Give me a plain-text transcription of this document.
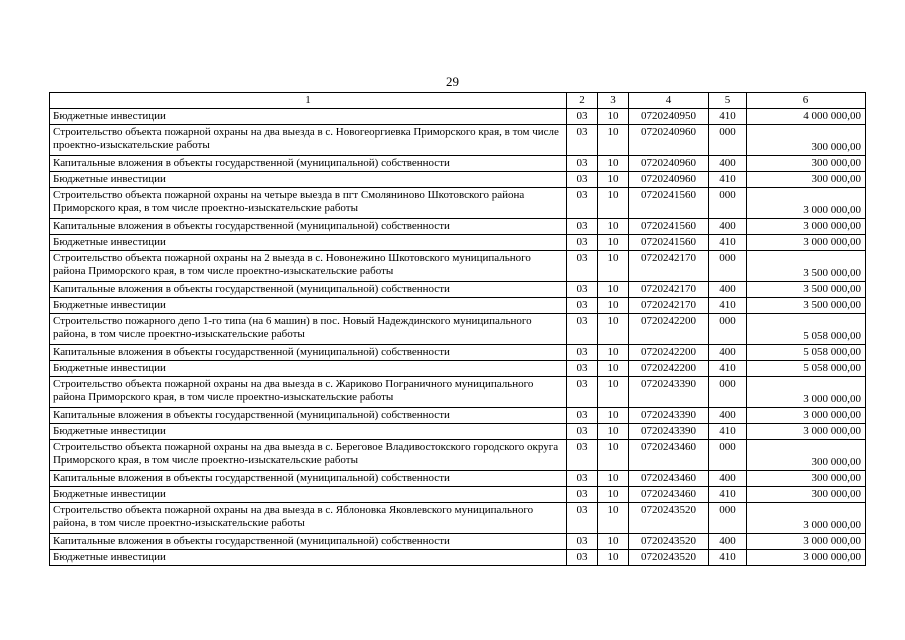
29
1	2	3	4	5	6
Бюджетные инвестиции	03	10	0720240950	410	4 000 000,00
Строительство объекта пожарной охраны на два выезда в с. Новогеоргиевка Приморского края, в том числе проектно-изыскательские работы	03	10	0720240960	000	300 000,00
Капитальные вложения в объекты государственной (муниципальной) собственности	03	10	0720240960	400	300 000,00
Бюджетные инвестиции	03	10	0720240960	410	300 000,00
Строительство объекта пожарной охраны на четыре выезда в пгт Смоляниново Шкотовского района Приморского края, в том числе проектно-изыскательские работы	03	10	0720241560	000	3 000 000,00
Капитальные вложения в объекты государственной (муниципальной) собственности	03	10	0720241560	400	3 000 000,00
Бюджетные инвестиции	03	10	0720241560	410	3 000 000,00
Строительство объекта пожарной охраны на 2 выезда в с. Новонежино Шкотовского муниципального района Приморского края, в том числе проектно-изыскательские работы	03	10	0720242170	000	3 500 000,00
Капитальные вложения в объекты государственной (муниципальной) собственности	03	10	0720242170	400	3 500 000,00
Бюджетные инвестиции	03	10	0720242170	410	3 500 000,00
Строительство пожарного депо 1-го типа (на 6 машин) в пос. Новый Надеждинского муниципального района, в том числе проектно-изыскательские работы	03	10	0720242200	000	5 058 000,00
Капитальные вложения в объекты государственной (муниципальной) собственности	03	10	0720242200	400	5 058 000,00
Бюджетные инвестиции	03	10	0720242200	410	5 058 000,00
Строительство объекта пожарной охраны на два выезда в с. Жариково Пограничного муниципального района Приморского края, в том числе проектно-изыскательские работы	03	10	0720243390	000	3 000 000,00
Капитальные вложения в объекты государственной (муниципальной) собственности	03	10	0720243390	400	3 000 000,00
Бюджетные инвестиции	03	10	0720243390	410	3 000 000,00
Строительство объекта пожарной охраны на два выезда в с. Береговое Владивостокского городского округа Приморского края, в том числе проектно-изыскательские работы	03	10	0720243460	000	300 000,00
Капитальные вложения в объекты государственной (муниципальной) собственности	03	10	0720243460	400	300 000,00
Бюджетные инвестиции	03	10	0720243460	410	300 000,00
Строительство объекта пожарной охраны на два выезда в с. Яблоновка Яковлевского муниципального района, в том числе проектно-изыскательские работы	03	10	0720243520	000	3 000 000,00
Капитальные вложения в объекты государственной (муниципальной) собственности	03	10	0720243520	400	3 000 000,00
Бюджетные инвестиции	03	10	0720243520	410	3 000 000,00
